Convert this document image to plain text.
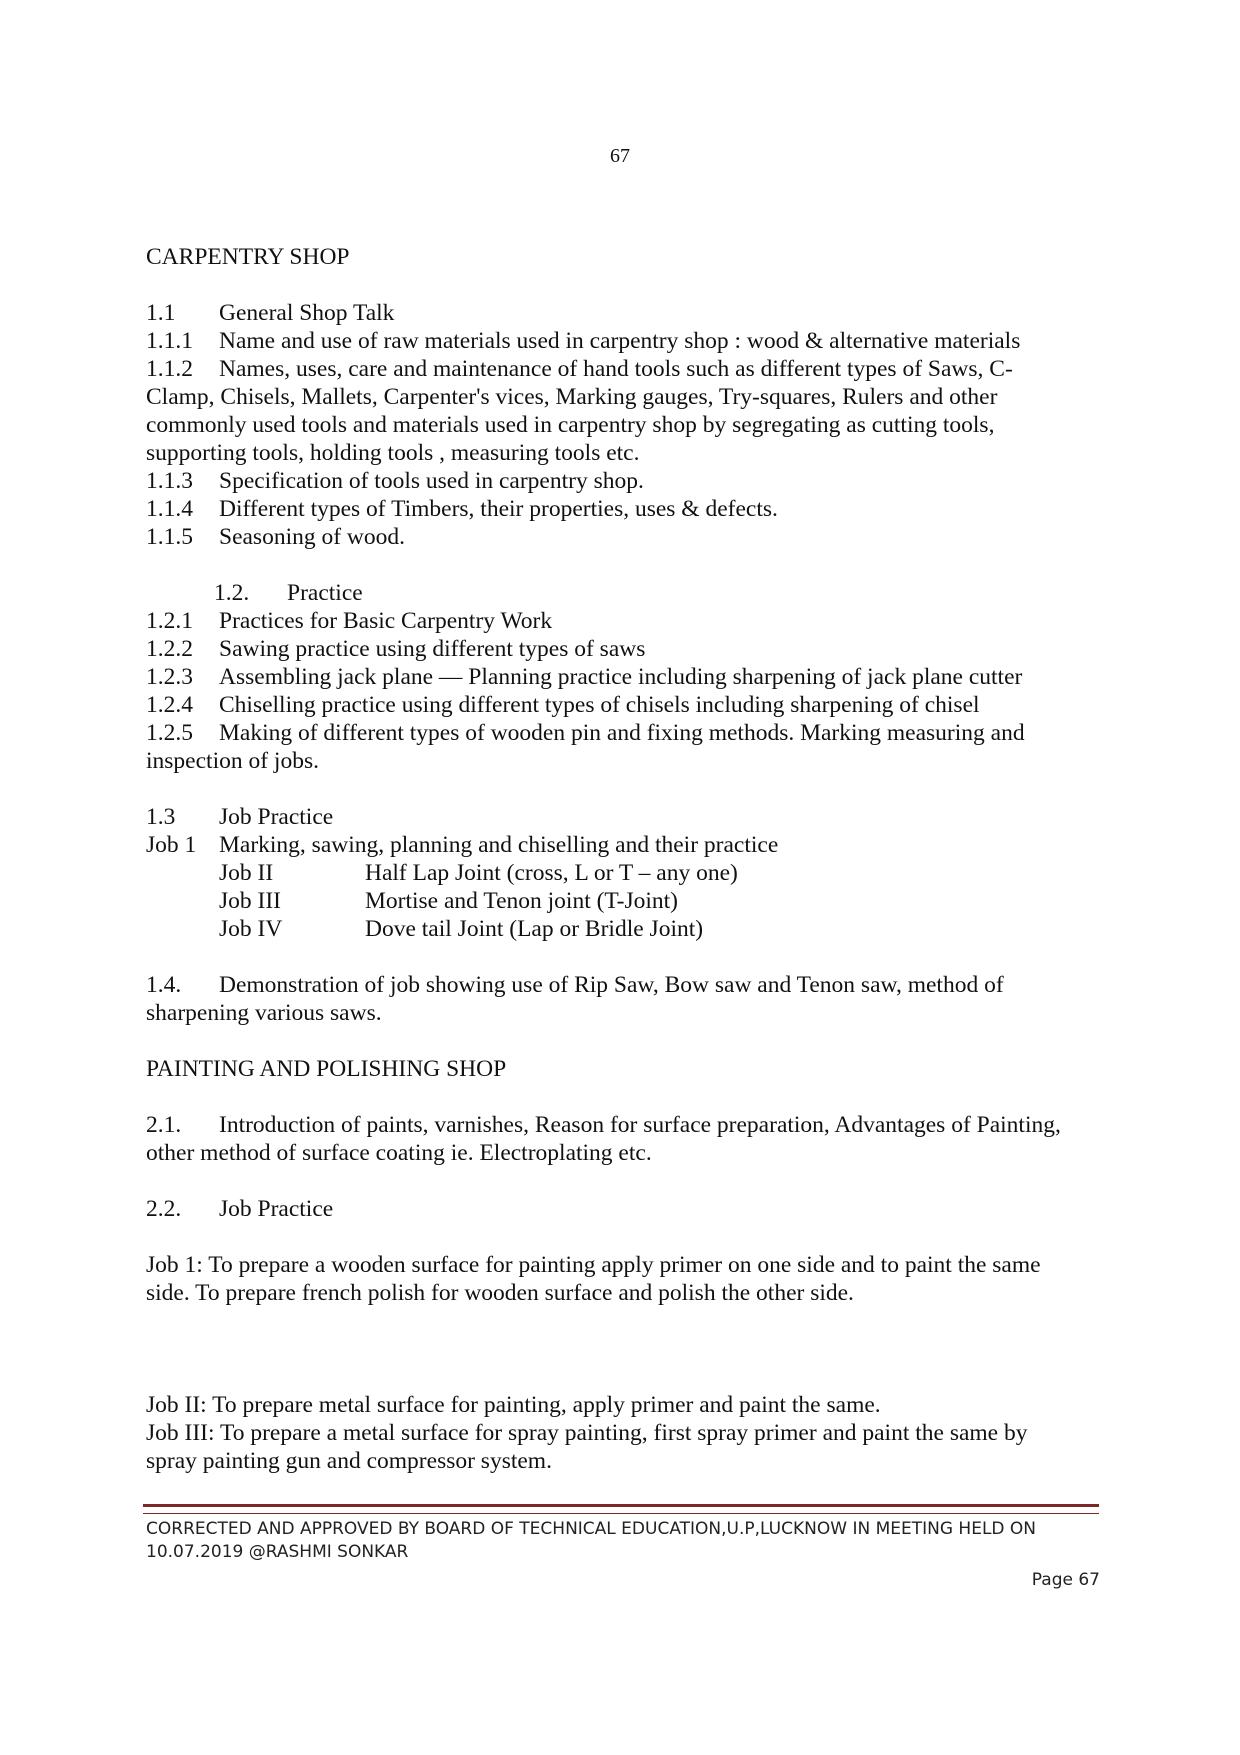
67
CARPENTRY SHOP
1.1	General Shop Talk
1.1.1	Name and use of raw materials used in carpentry shop : wood & alternative materials
1.1.2	Names, uses, care and maintenance of hand tools such as different types of Saws, C-
Clamp, Chisels, Mallets, Carpenter's vices, Marking gauges, Try-squares, Rulers and other
commonly used tools and materials used in carpentry shop by segregating as cutting tools,
supporting tools, holding tools , measuring tools etc.
1.1.3	Specification of tools used in carpentry shop.
1.1.4	Different types of Timbers, their properties, uses & defects.
1.1.5	Seasoning of wood.
1.2.	Practice
1.2.1	Practices for Basic Carpentry Work
1.2.2	Sawing practice using different types of saws
1.2.3	Assembling jack plane — Planning practice including sharpening of jack plane cutter
1.2.4	Chiselling practice using different types of chisels including sharpening of chisel
1.2.5	Making of different types of wooden pin and fixing methods. Marking measuring and
inspection of jobs.
1.3	Job Practice
Job 1 Marking, sawing, planning and chiselling and their practice
Job II	Half Lap Joint (cross, L or T – any one)
Job III	Mortise and Tenon joint (T-Joint)
Job IV	Dove tail Joint (Lap or Bridle Joint)
1.4.	Demonstration of job showing use of Rip Saw, Bow saw and Tenon saw, method of
sharpening various saws.
PAINTING AND POLISHING SHOP
2.1.	Introduction of paints, varnishes, Reason for surface preparation, Advantages of Painting,
other method of surface coating ie. Electroplating etc.
2.2.	Job Practice
Job 1: To prepare a wooden surface for painting apply primer on one side and to paint the same
side. To prepare french polish for wooden surface and polish the other side.
Job II: To prepare metal surface for painting, apply primer and paint the same.
Job III: To prepare a metal surface for spray painting, first spray primer and paint the same by
spray painting gun and compressor system.
CORRECTED AND APPROVED BY BOARD OF TECHNICAL EDUCATION,U.P,LUCKNOW IN MEETING HELD ON
10.07.2019 @RASHMI SONKAR
Page 67
